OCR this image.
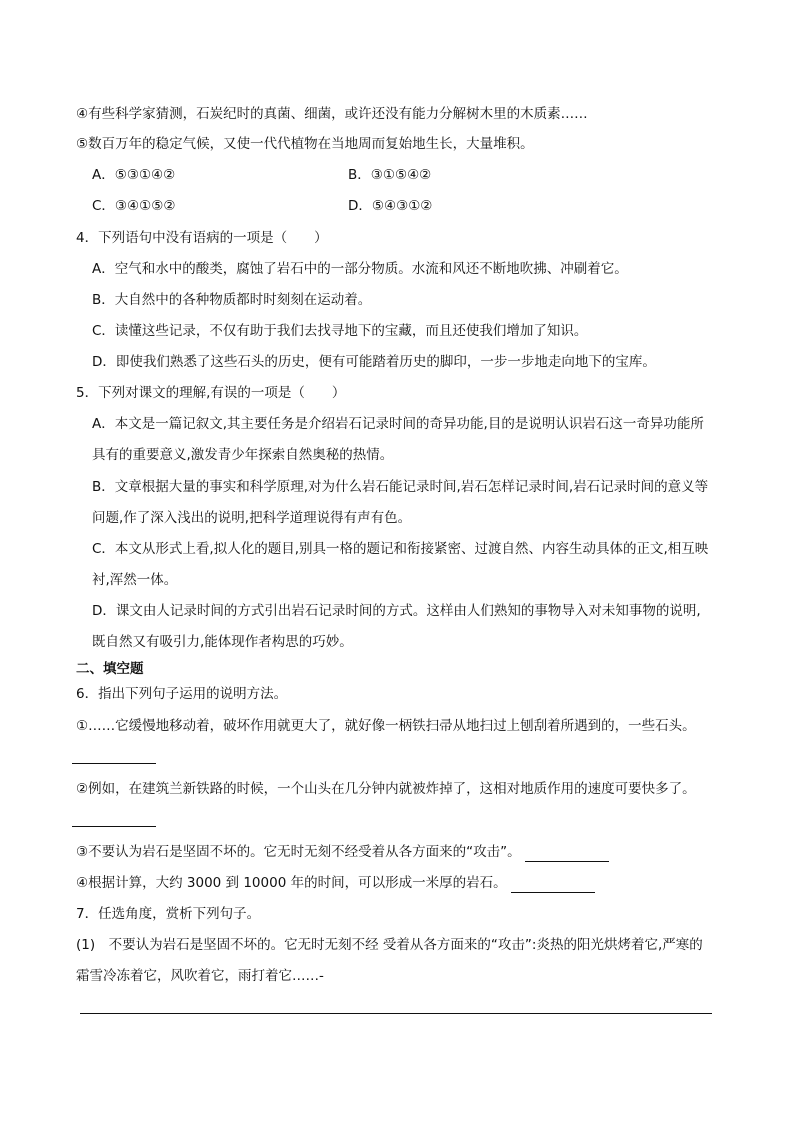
④有些科学家猜测，石炭纪时的真菌、细菌，或许还没有能力分解树木里的木质素……
⑤数百万年的稳定气候，又使一代代植物在当地周而复始地生长，大量堆积。
A．⑤③①④②	B．③①⑤④②
C．③④①⑤②	D．⑤④③①②
4．下列语句中没有语病的一项是（　　）
A．空气和水中的酸类，腐蚀了岩石中的一部分物质。水流和风还不断地吹拂、冲刷着它。
B．大自然中的各种物质都时时刻刻在运动着。
C．读懂这些记录，不仅有助于我们去找寻地下的宝藏，而且还使我们增加了知识。
D．即使我们熟悉了这些石头的历史，便有可能踏着历史的脚印，一步一步地走向地下的宝库。
5．下列对课文的理解,有误的一项是（　　）
A．本文是一篇记叙文,其主要任务是介绍岩石记录时间的奇异功能,目的是说明认识岩石这一奇异功能所
具有的重要意义,激发青少年探索自然奥秘的热情。
B．文章根据大量的事实和科学原理,对为什么岩石能记录时间,岩石怎样记录时间,岩石记录时间的意义等
问题,作了深入浅出的说明,把科学道理说得有声有色。
C．本文从形式上看,拟人化的题目,别具一格的题记和衔接紧密、过渡自然、内容生动具体的正文,相互映
衬,浑然一体。
D．课文由人记录时间的方式引出岩石记录时间的方式。这样由人们熟知的事物导入对未知事物的说明,
既自然又有吸引力,能体现作者构思的巧妙。
二、填空题
6．指出下列句子运用的说明方法。
①……它缓慢地移动着，破坏作用就更大了，就好像一柄铁扫帚从地扫过上刨刮着所遇到的，一些石头。
②例如，在建筑兰新铁路的时候，一个山头在几分钟内就被炸掉了，这相对地质作用的速度可要快多了。
③不要认为岩石是坚固不坏的。它无时无刻不经受着从各方面来的“攻击”。
④根据计算，大约 3000 到 10000 年的时间，可以形成一米厚的岩石。
7．任选角度，赏析下列句子。
(1)　不要认为岩石是坚固不坏的。它无时无刻不经 受着从各方面来的“攻击”:炎热的阳光烘烤着它,严寒的
霜雪冷冻着它，风吹着它，雨打着它……-
